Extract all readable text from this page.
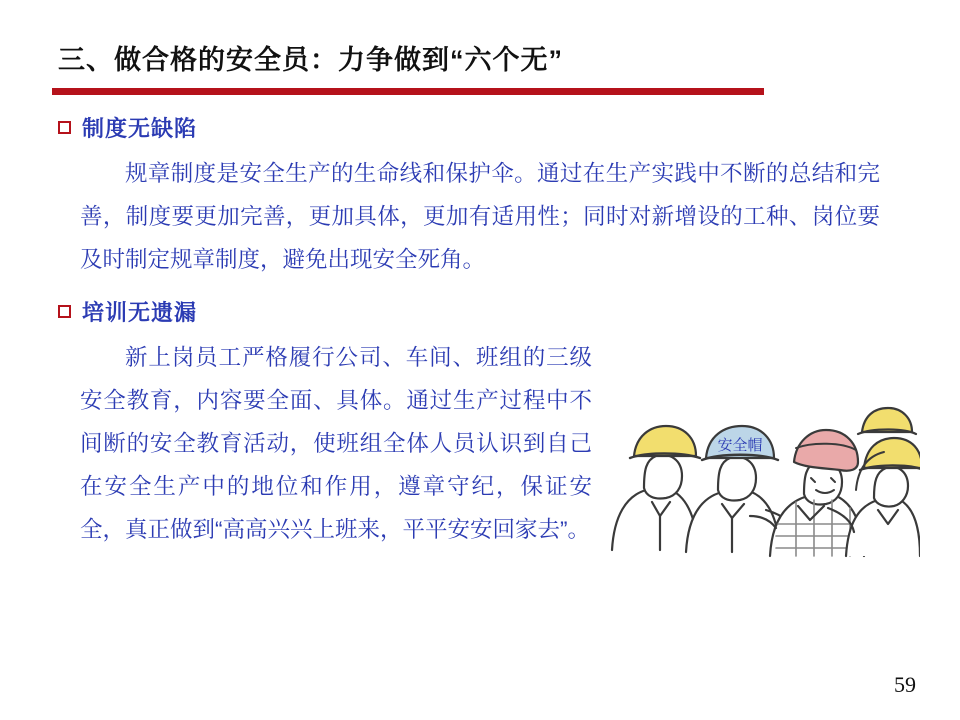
三、做合格的安全员：力争做到“六个无”
制度无缺陷
规章制度是安全生产的生命线和保护伞。通过在生产实践中不断的总结和完善，制度要更加完善，更加具体，更加有适用性；同时对新增设的工种、岗位要及时制定规章制度，避免出现安全死角。
培训无遗漏
新上岗员工严格履行公司、车间、班组的三级安全教育，内容要全面、具体。通过生产过程中不间断的安全教育活动，使班组全体人员认识到自己在安全生产中的地位和作用，遵章守纪，保证安全，真正做到“高高兴兴上班来，平平安安回家去”。
安全帽
59
